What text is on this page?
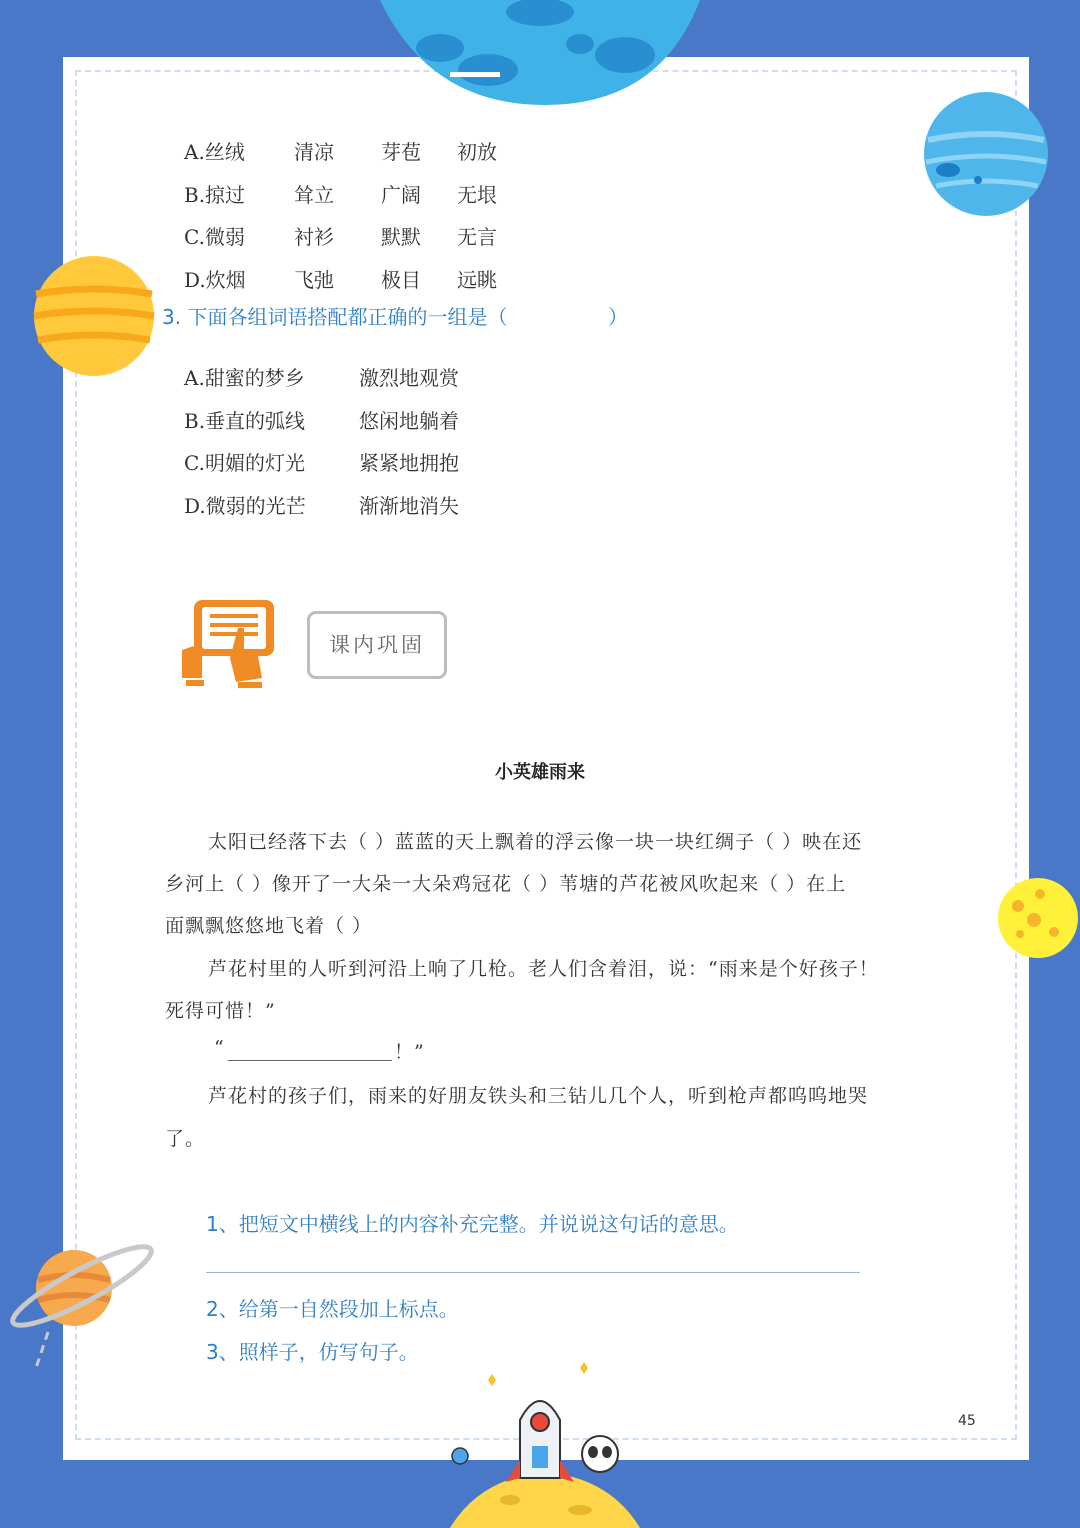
A.丝绒 清凉 芽苞 初放
B.掠过 耸立 广阔 无垠
C.微弱 衬衫 默默 无言
D.炊烟 飞弛 极目 远眺
3. 下面各组词语搭配都正确的一组是（	）
A.甜蜜的梦乡	激烈地观赏
B.垂直的弧线	悠闲地躺着
C.明媚的灯光	紧紧地拥抱
D.微弱的光芒	渐渐地消失
课内巩固
小英雄雨来
太阳已经落下去（ ）蓝蓝的天上飘着的浮云像一块一块红绸子（ ）映在还
乡河上（ ）像开了一大朵一大朵鸡冠花（ ）苇塘的芦花被风吹起来（ ）在上
面飘飘悠悠地飞着（ ）
芦花村里的人听到河沿上响了几枪。老人们含着泪，说：“雨来是个好孩子！
死得可惜！”
“	！”
芦花村的孩子们，雨来的好朋友铁头和三钻儿几个人，听到枪声都呜呜地哭
了。
1、把短文中横线上的内容补充完整。并说说这句话的意思。
2、给第一自然段加上标点。
3、照样子，仿写句子。
45
